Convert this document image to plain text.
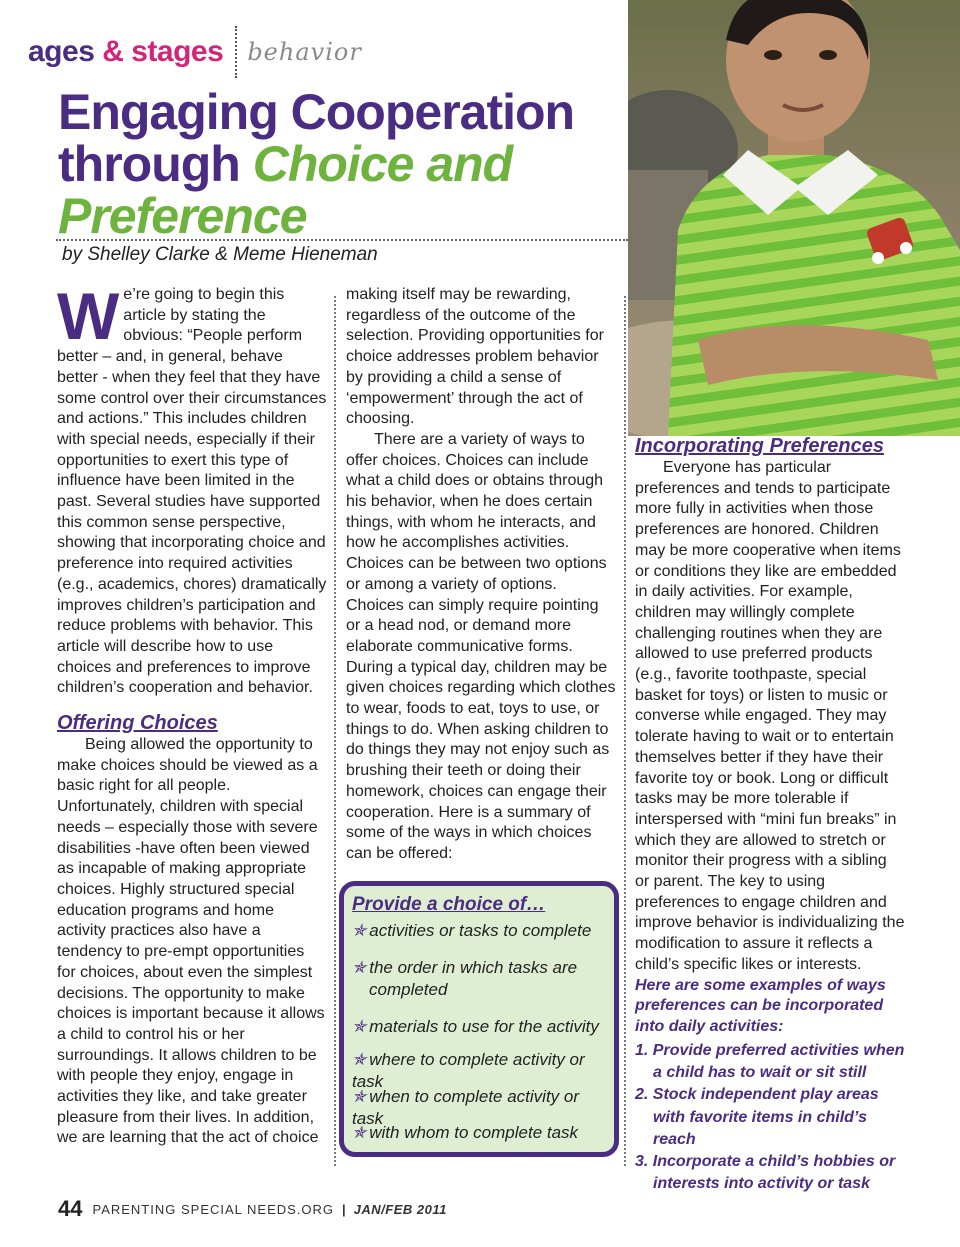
ages & stages behavior
Engaging Cooperation
through Choice and
Preference
by Shelley Clarke & Meme Hieneman

We’re going to begin this article by stating the obvious: “People perform better – and, in general, behave better - when they feel that they have some control over their circumstances and actions.” This includes children with special needs, especially if their opportunities to exert this type of influence have been limited in the past. Several studies have supported this common sense perspective, showing that incorporating choice and preference into required activities (e.g., academics, chores) dramatically improves children’s participation and reduce problems with behavior. This article will describe how to use choices and preferences to improve children’s cooperation and behavior.

Offering Choices

Being allowed the opportunity to make choices should be viewed as a basic right for all people. Unfortunately, children with special needs – especially those with severe disabilities -have often been viewed as incapable of making appropriate choices. Highly structured special education programs and home activity practices also have a tendency to pre-empt opportunities for choices, about even the simplest decisions. The opportunity to make choices is important because it allows a child to control his or her surroundings. It allows children to be with people they enjoy, engage in activities they like, and take greater pleasure from their lives. In addition, we are learning that the act of choice

making itself may be rewarding, regardless of the outcome of the selection. Providing opportunities for choice addresses problem behavior by providing a child a sense of ‘empowerment’ through the act of choosing.

There are a variety of ways to offer choices. Choices can include what a child does or obtains through his behavior, when he does certain things, with whom he interacts, and how he accomplishes activities. Choices can be between two options or among a variety of options. Choices can simply require pointing or a head nod, or demand more elaborate communicative forms. During a typical day, children may be given choices regarding which clothes to wear, foods to eat, toys to use, or things to do. When asking children to do things they may not enjoy such as brushing their teeth or doing their homework, choices can engage their cooperation. Here is a summary of some of the ways in which choices can be offered:

Provide a choice of…
✯ activities or tasks to complete
✯ the order in which tasks are
completed
✯ materials to use for the activity
✯ where to complete activity or task
✯ when to complete activity or task
✯ with whom to complete task
Incorporating Preferences

Everyone has particular preferences and tends to participate more fully in activities when those preferences are honored. Children may be more cooperative when items or conditions they like are embedded in daily activities. For example, children may willingly complete challenging routines when they are allowed to use preferred products (e.g., favorite toothpaste, special basket for toys) or listen to music or converse while engaged. They may tolerate having to wait or to entertain themselves better if they have their favorite toy or book. Long or difficult tasks may be more tolerable if interspersed with “mini fun breaks” in which they are allowed to stretch or monitor their progress with a sibling or parent. The key to using preferences to engage children and improve behavior is individualizing the modification to assure it reflects a child’s specific likes or interests.

Here are some examples of ways preferences can be incorporated into daily activities:

1. Provide preferred activities when
a child has to wait or sit still
2. Stock independent play areas
with favorite items in child’s reach
3. Incorporate a child’s hobbies or
interests into activity or task
44 PARENTING SPECIAL NEEDS.ORG | JAN/FEB 2011
